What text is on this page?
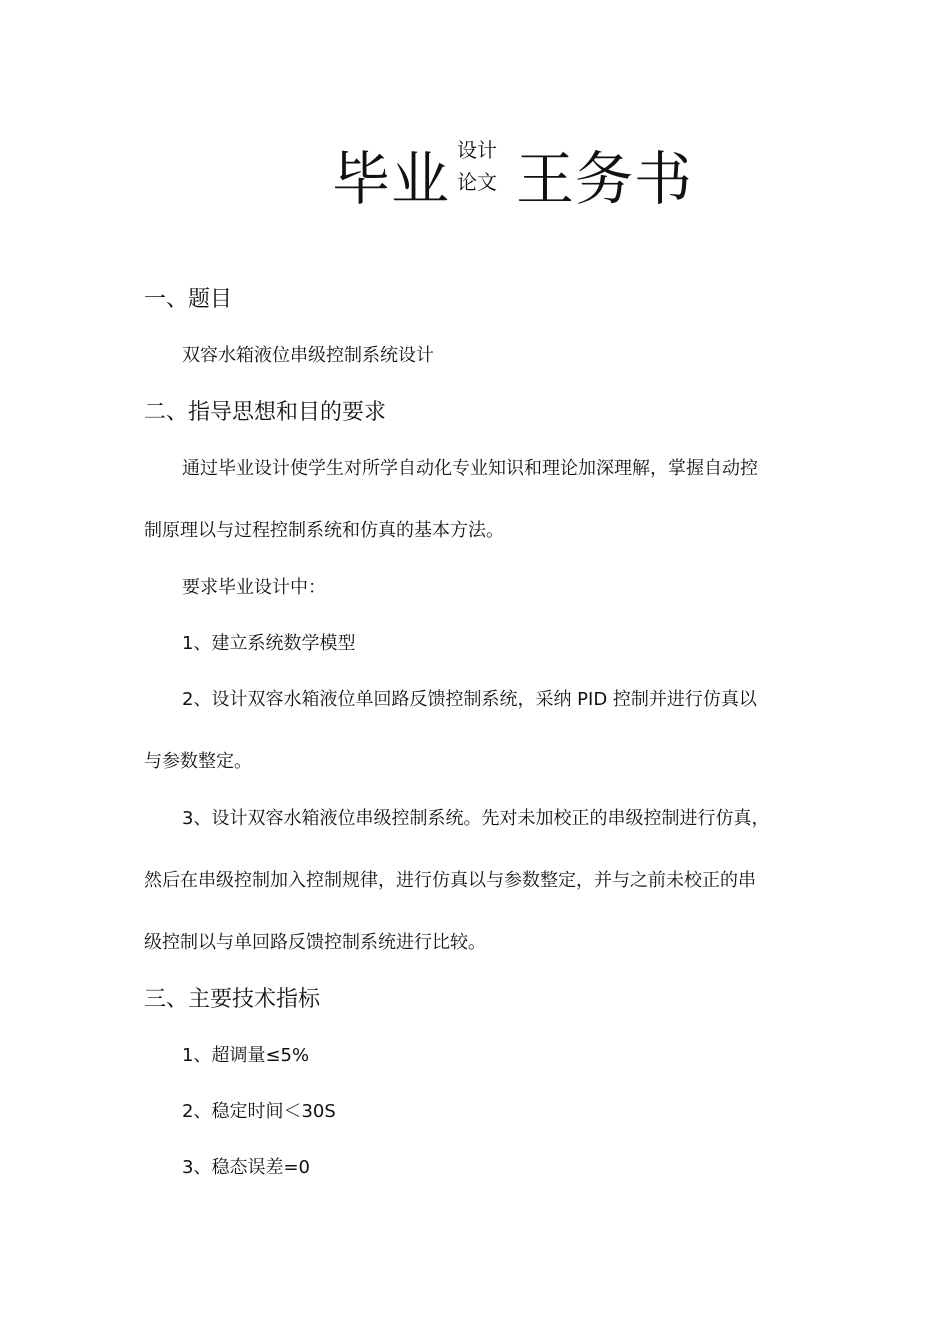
毕业 设计
论文 王务书
一、题目
双容水箱液位串级控制系统设计
二、指导思想和目的要求
通过毕业设计使学生对所学自动化专业知识和理论加深理解，掌握自动控
制原理以与过程控制系统和仿真的基本方法。
要求毕业设计中：
1、建立系统数学模型
2、设计双容水箱液位单回路反馈控制系统，采纳 PID 控制并进行仿真以
与参数整定。
3、设计双容水箱液位串级控制系统。先对未加校正的串级控制进行仿真，
然后在串级控制加入控制规律，进行仿真以与参数整定，并与之前未校正的串
级控制以与单回路反馈控制系统进行比较。
三、主要技术指标
1、超调量≤5%
2、稳定时间＜30S
3、稳态误差=0
